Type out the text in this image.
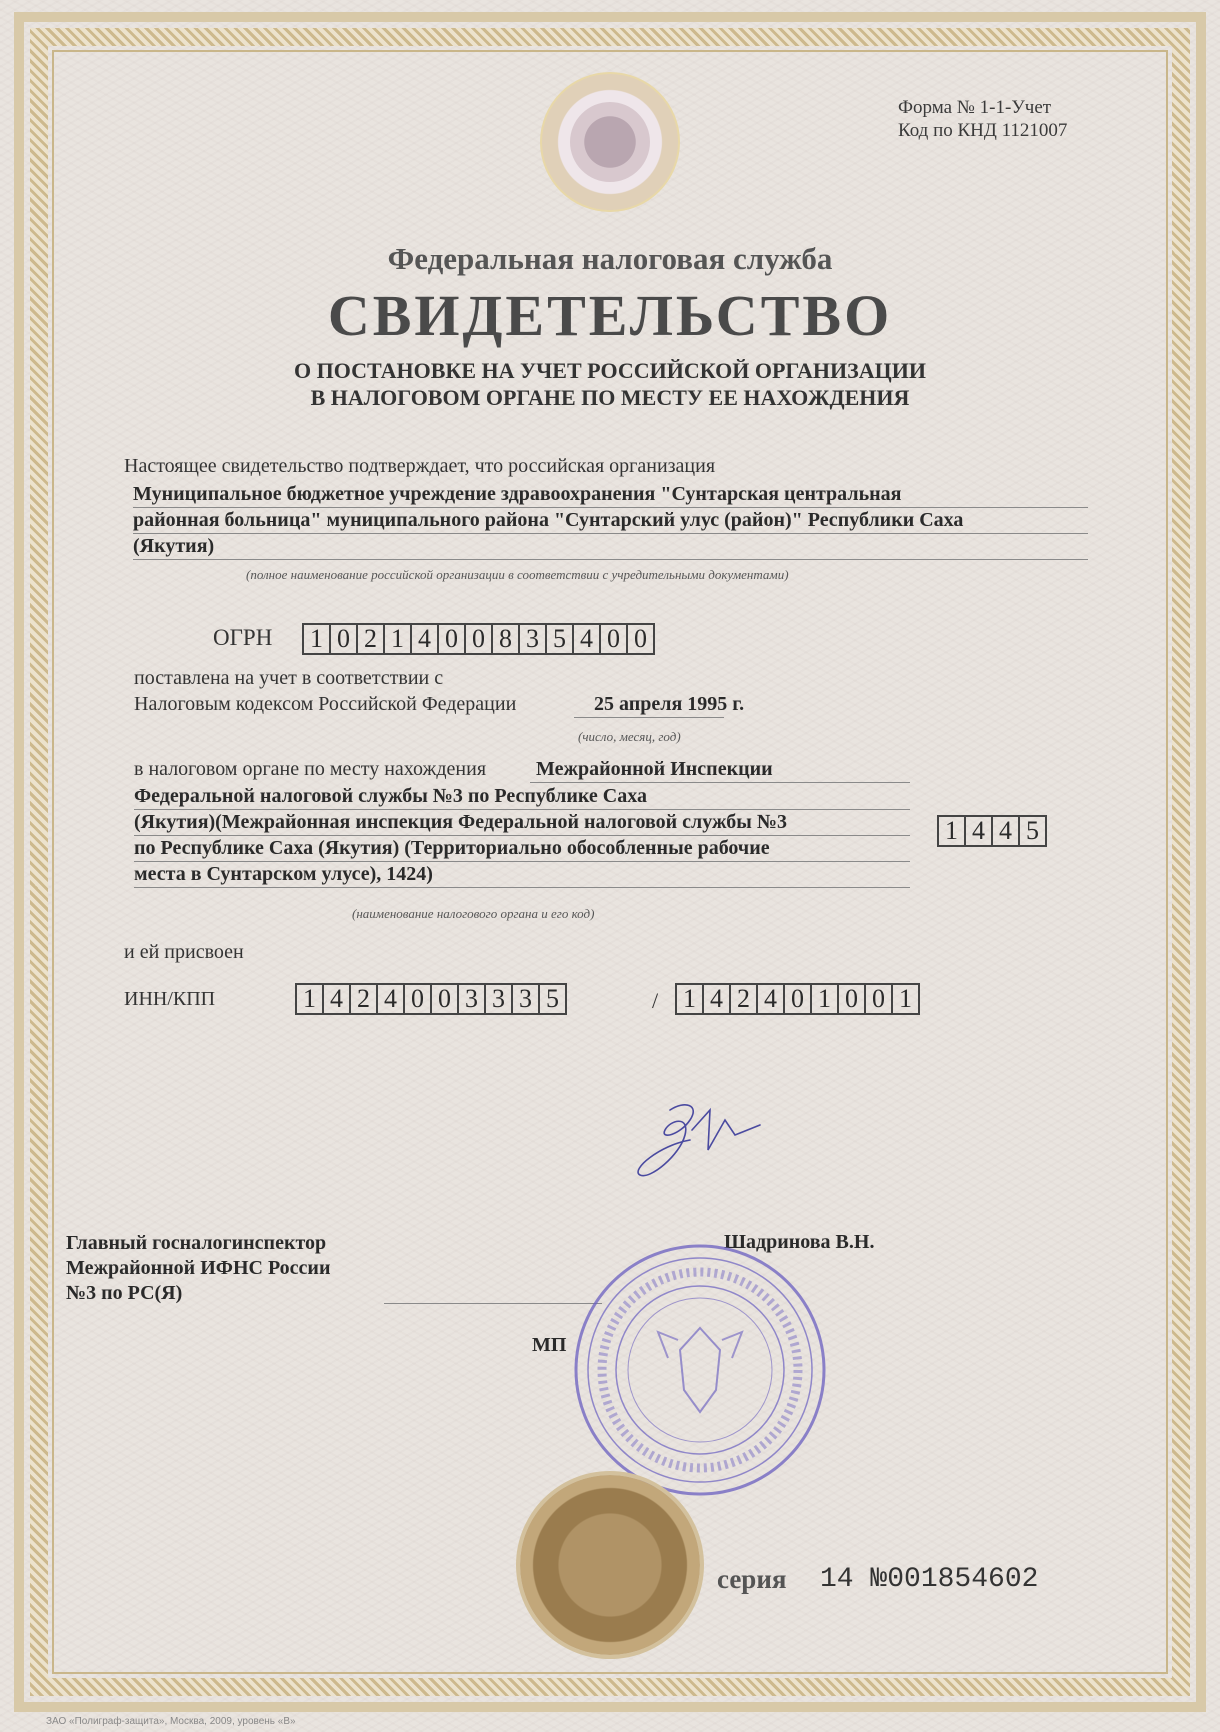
Форма № 1-1-Учет
Код по КНД 1121007
Федеральная налоговая служба
СВИДЕТЕЛЬСТВО
О ПОСТАНОВКЕ НА УЧЕТ РОССИЙСКОЙ ОРГАНИЗАЦИИ
В НАЛОГОВОМ ОРГАНЕ ПО МЕСТУ ЕЕ НАХОЖДЕНИЯ
Настоящее свидетельство подтверждает, что российская организация
Муниципальное бюджетное учреждение здравоохранения "Сунтарская центральная
районная больница" муниципального района "Сунтарский улус (район)" Республики Саха
(Якутия)
(полное наименование российской организации в соответствии с учредительными документами)
ОГРН 1 0 2 1 4 0 0 8 3 5 4 0 0
поставлена на учет в соответствии с
Налоговым кодексом Российской Федерации	25 апреля 1995 г.
(число, месяц, год)
в налоговом органе по месту нахождения Межрайонной Инспекции
Федеральной налоговой службы №3 по Республике Саха
(Якутия)(Межрайонная инспекция Федеральной налоговой службы №3
по Республике Саха (Якутия) (Территориально обособленные рабочие
места в Сунтарском улусе), 1424)
1 4 4 5
(наименование налогового органа и его код)
и ей присвоен
ИНН/КПП	1 4 2 4 0 0 3 3 3 5	/ 1 4 2 4 0 1 0 0 1
Главный госналогинспектор
Межрайонной ИФНС России
№3 по РС(Я)
Шадринова В.Н.
МП
серия 14 №001854602
ЗАО «Полиграф-защита», Москва, 2009, уровень «В»
